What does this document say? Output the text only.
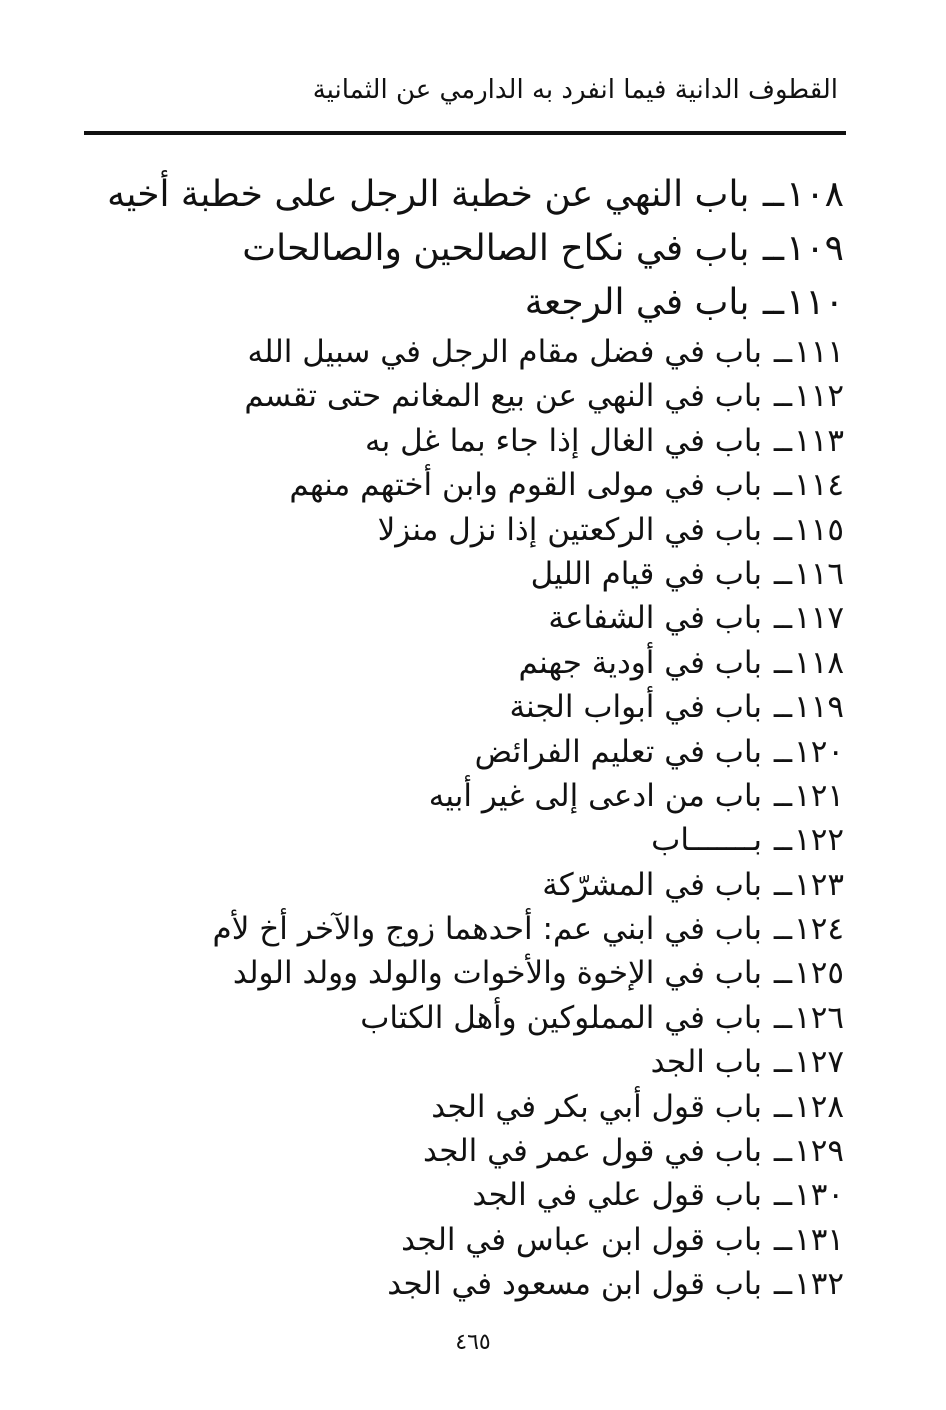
القطوف الدانية فيما انفرد به الدارمي عن الثمانية
١٠٨ــ باب النهي عن خطبة الرجل على خطبة أخيه
١٠٩ــ باب في نكاح الصالحين والصالحات
١١٠ــ باب في الرجعة
١١١ــ باب في فضل مقام الرجل في سبيل الله
١١٢ــ باب في النهي عن بيع المغانم حتى تقسم
١١٣ــ باب في الغال إذا جاء بما غل به
١١٤ــ باب في مولى القوم وابن أختهم منهم
١١٥ــ باب في الركعتين إذا نزل منزلا
١١٦ــ باب في قيام الليل
١١٧ــ باب في الشفاعة
١١٨ــ باب في أودية جهنم
١١٩ــ باب في أبواب الجنة
١٢٠ــ باب في تعليم الفرائض
١٢١ــ باب من ادعى إلى غير أبيه
١٢٢ــ بـــــــاب
١٢٣ــ باب في المشرّكة
١٢٤ــ باب في ابني عم: أحدهما زوج والآخر أخ لأم
١٢٥ــ باب في الإخوة والأخوات والولد وولد الولد
١٢٦ــ باب في المملوكين وأهل الكتاب
١٢٧ــ باب الجد
١٢٨ــ باب قول أبي بكر في الجد
١٢٩ــ باب في قول عمر في الجد
١٣٠ــ باب قول علي في الجد
١٣١ــ باب قول ابن عباس في الجد
١٣٢ــ باب قول ابن مسعود في الجد
٤٦٥
